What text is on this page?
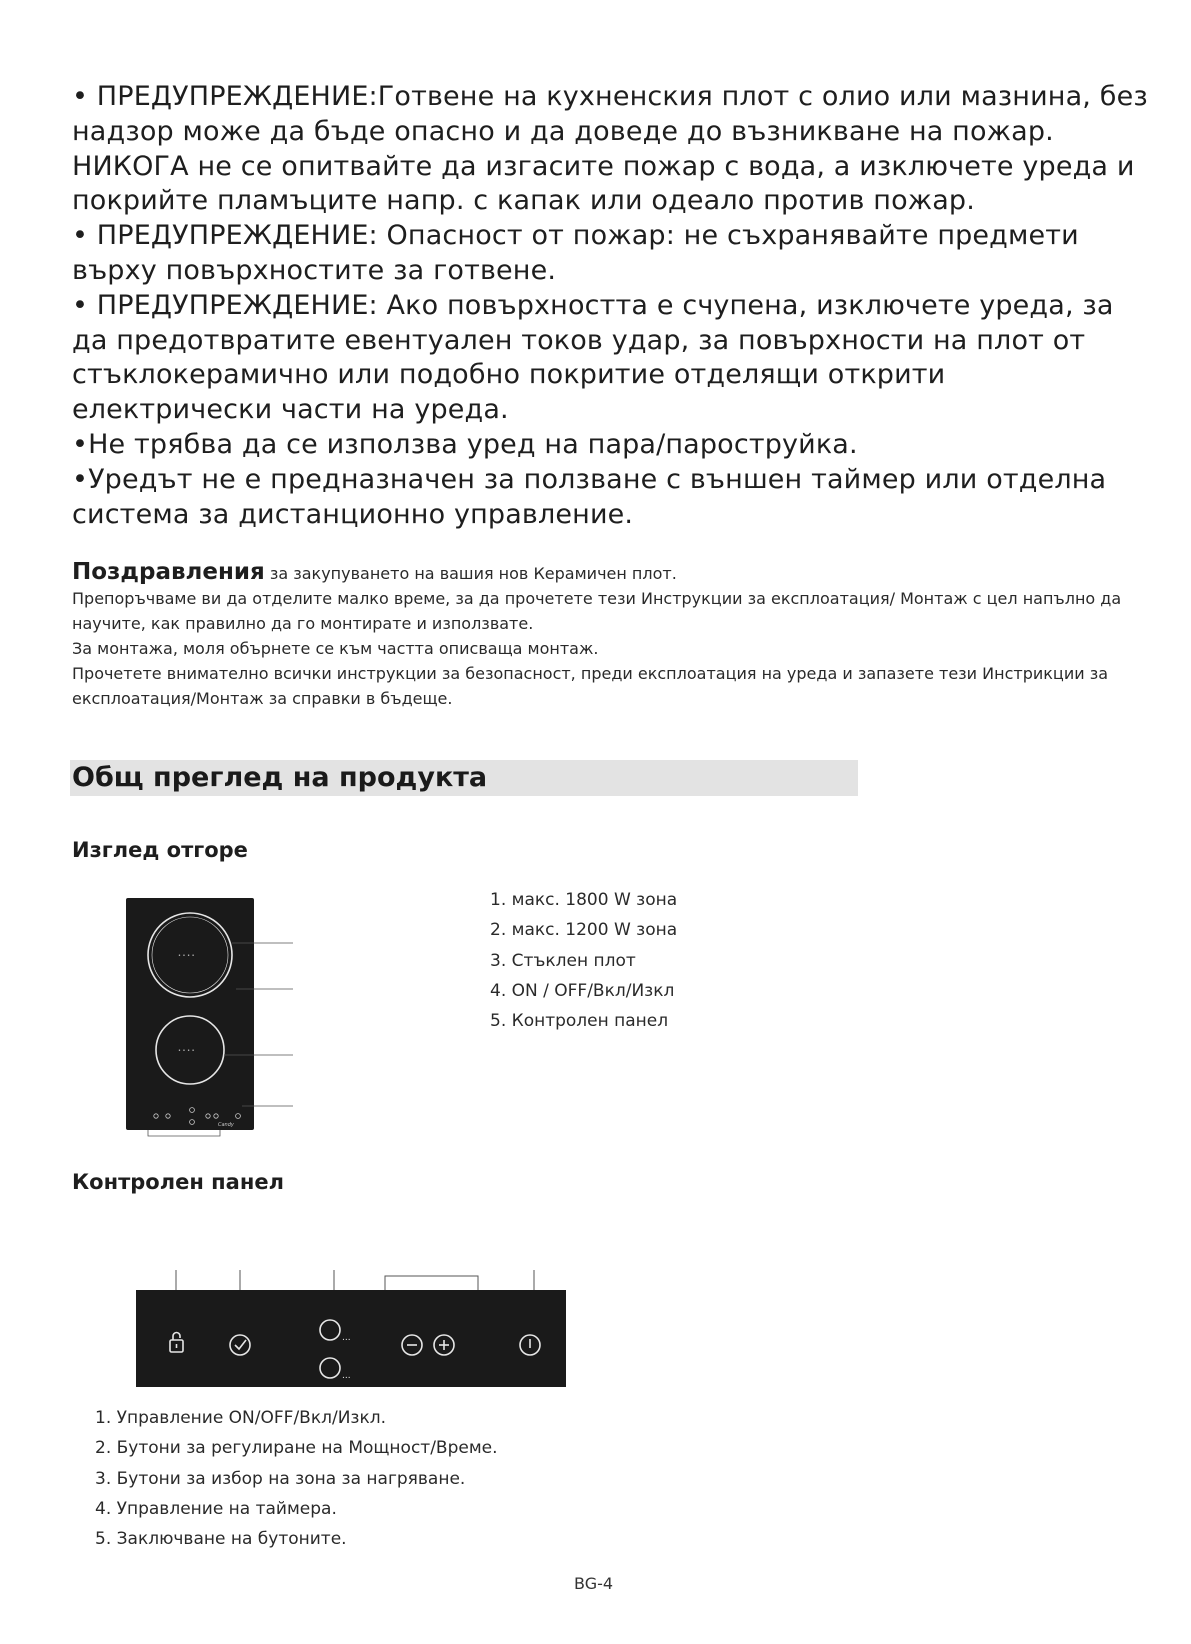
• ПРЕДУПРЕЖДЕНИЕ:Готвене на кухненския плот с олио или мазнина, без надзор може да бъде опасно и да доведе до възникване на пожар. НИКОГА не се опитвайте да изгасите пожар с вода, а изключете уреда и покрийте пламъците напр. с капак или одеало против пожар.

• ПРЕДУПРЕЖДЕНИЕ: Опасност от пожар: не съхранявайте предмети върху повърхностите за готвене.

• ПРЕДУПРЕЖДЕНИЕ: Ако повърхността е счупена, изключете уреда, за да предотвратите евентуален токов удар, за повърхности на плот от стъклокерамично или подобно покритие отделящи открити електрически части на уреда.

•Не трябва да се използва уред на пара/пароструйка.

•Уредът не е предназначен за ползване с външен таймер или отделна система за дистанционно управление.

Поздравления за закупуването на вашия нов Керамичен плот.

Препоръчваме ви да отделите малко време, за да прочетете тези Инструкции за експлоатация/ Монтаж с цел напълно да научите, как правилно да го монтирате и използвате.

За монтажа, моля обърнете се към частта описваща монтаж.

Прочетете внимателно всички инструкции за безопасност, преди експлоатация на уреда и запазете тези Инстрикции за експлоатация/Монтаж за справки в бъдеще.

Общ преглед на продукта
Изглед отгоре
• • • •
• • • •
Candy
1. макс. 1800 W зона
2. макс. 1200 W зона
3. Стъклен плот
4. ON / OFF/Вкл/Изкл
5. Контролен панел
Контролен панел
...
...
1. Управление ON/OFF/Вкл/Изкл.
2. Бутони за регулиране на Мощност/Време.
3. Бутони за избор на зона за нагряване.
4. Управление на таймера.
5. Заключване на бутоните.
BG-4
